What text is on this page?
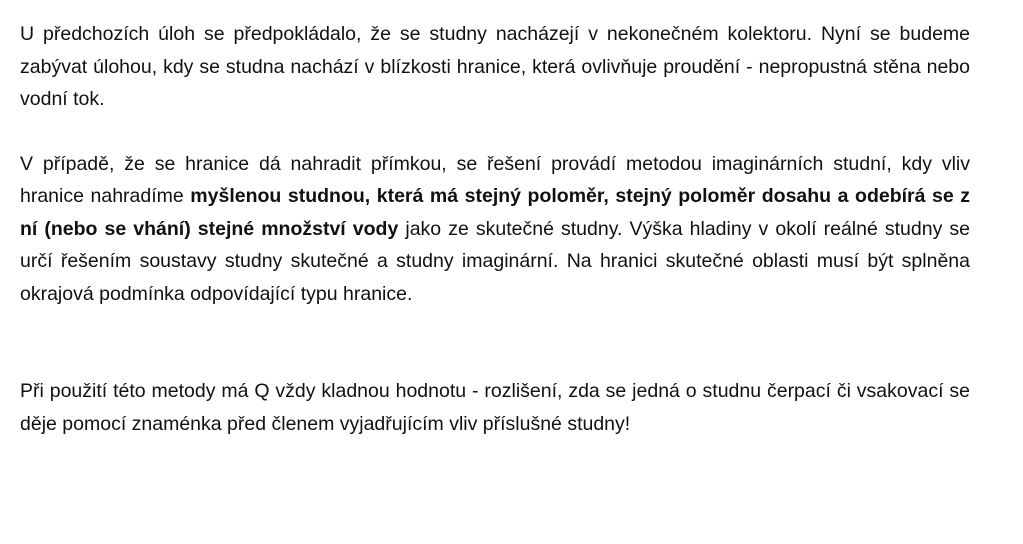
U předchozích úloh se předpokládalo, že se studny nacházejí v nekonečném kolektoru. Nyní se budeme zabývat úlohou, kdy se studna nachází v blízkosti hranice, která ovlivňuje proudění - nepropustná stěna nebo vodní tok.

V případě, že se hranice dá nahradit přímkou, se řešení provádí metodou imaginárních studní, kdy vliv hranice nahradíme myšlenou studnou, která má stejný poloměr, stejný poloměr dosahu a odebírá se z ní (nebo se vhání) stejné množství vody jako ze skutečné studny. Výška hladiny v okolí reálné studny se určí řešením soustavy studny skutečné a studny imaginární. Na hranici skutečné oblasti musí být splněna okrajová podmínka odpovídající typu hranice.

Při použití této metody má Q vždy kladnou hodnotu - rozlišení, zda se jedná o studnu čerpací či vsakovací se děje pomocí znaménka před členem vyjadřujícím vliv příslušné studny!
